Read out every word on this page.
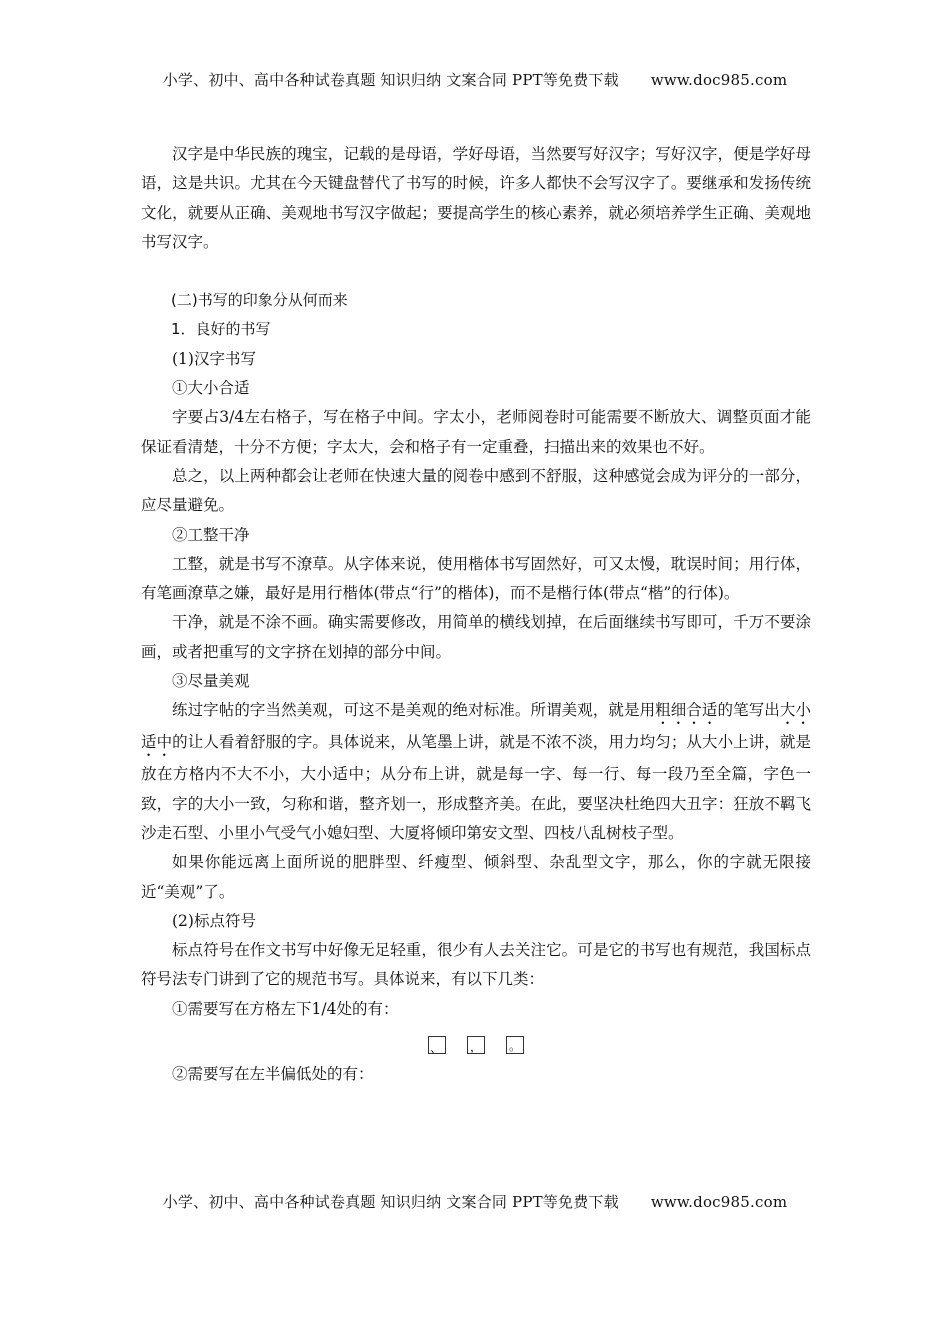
小学、初中、高中各种试卷真题 知识归纳 文案合同 PPT等免费下载 www.doc985.com

汉字是中华民族的瑰宝，记载的是母语，学好母语，当然要写好汉字；写好汉字，便是学好母语，这是共识。尤其在今天键盘替代了书写的时候，许多人都快不会写汉字了。要继承和发扬传统文化，就要从正确、美观地书写汉字做起；要提高学生的核心素养，就必须培养学生正确、美观地书写汉字。

(二)书写的印象分从何而来

1．良好的书写

(1)汉字书写

①大小合适

字要占3/4左右格子，写在格子中间。字太小，老师阅卷时可能需要不断放大、调整页面才能保证看清楚，十分不方便；字太大，会和格子有一定重叠，扫描出来的效果也不好。

总之，以上两种都会让老师在快速大量的阅卷中感到不舒服，这种感觉会成为评分的一部分，应尽量避免。

②工整干净

工整，就是书写不潦草。从字体来说，使用楷体书写固然好，可又太慢，耽误时间；用行体，有笔画潦草之嫌，最好是用行楷体(带点“行”的楷体)，而不是楷行体(带点“楷”的行体)。

干净，就是不涂不画。确实需要修改，用简单的横线划掉，在后面继续书写即可，千万不要涂画，或者把重写的文字挤在划掉的部分中间。

③尽量美观

练过字帖的字当然美观，可这不是美观的绝对标准。所谓美观，就是用粗细合适的笔写出大小适中的让人看着舒服的字。具体说来，从笔墨上讲，就是不浓不淡，用力均匀；从大小上讲，就是放在方格内不大不小，大小适中；从分布上讲，就是每一字、每一行、每一段乃至全篇，字色一致，字的大小一致，匀称和谐，整齐划一，形成整齐美。在此，要坚决杜绝四大丑字：狂放不羁飞沙走石型、小里小气受气小媳妇型、大厦将倾印第安文型、四枝八乱树枝子型。

如果你能远离上面所说的肥胖型、纤瘦型、倾斜型、杂乱型文字，那么，你的字就无限接近“美观”了。

(2)标点符号

标点符号在作文书写中好像无足轻重，很少有人去关注它。可是它的书写也有规范，我国标点符号法专门讲到了它的规范书写。具体说来，有以下几类：

①需要写在方格左下1/4处的有：

、
，
。

②需要写在左半偏低处的有：

小学、初中、高中各种试卷真题 知识归纳 文案合同 PPT等免费下载 www.doc985.com
